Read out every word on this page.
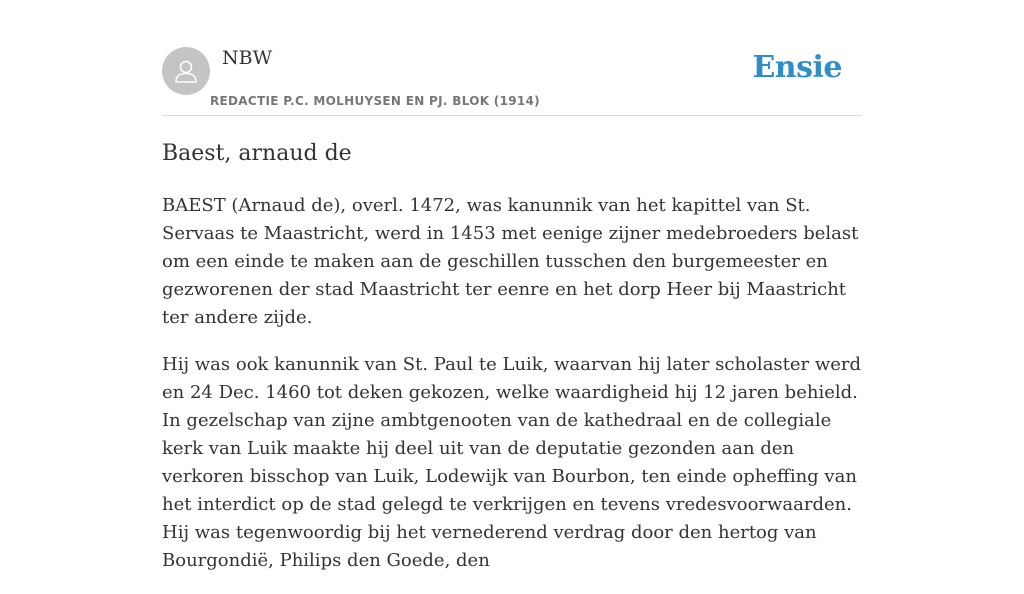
NBW
REDACTIE P.C. MOLHUYSEN EN PJ. BLOK (1914)
Ensie
Baest, arnaud de

BAEST (Arnaud de), overl. 1472, was kanunnik van het kapittel van St. Servaas te Maastricht, werd in 1453 met eenige zijner medebroeders belast om een einde te maken aan de geschillen tusschen den burgemeester en gezworenen der stad Maastricht ter eenre en het dorp Heer bij Maastricht ter andere zijde.

Hij was ook kanunnik van St. Paul te Luik, waarvan hij later scholaster werd en 24 Dec. 1460 tot deken gekozen, welke waardigheid hij 12 jaren behield. In gezelschap van zijne ambtgenooten van de kathedraal en de collegiale kerk van Luik maakte hij deel uit van de deputatie gezonden aan den verkoren bisschop van Luik, Lodewijk van Bourbon, ten einde opheffing van het interdict op de stad gelegd te verkrijgen en tevens vredesvoorwaarden. Hij was tegenwoordig bij het vernederend verdrag door den hertog van Bourgondië, Philips den Goede, den
